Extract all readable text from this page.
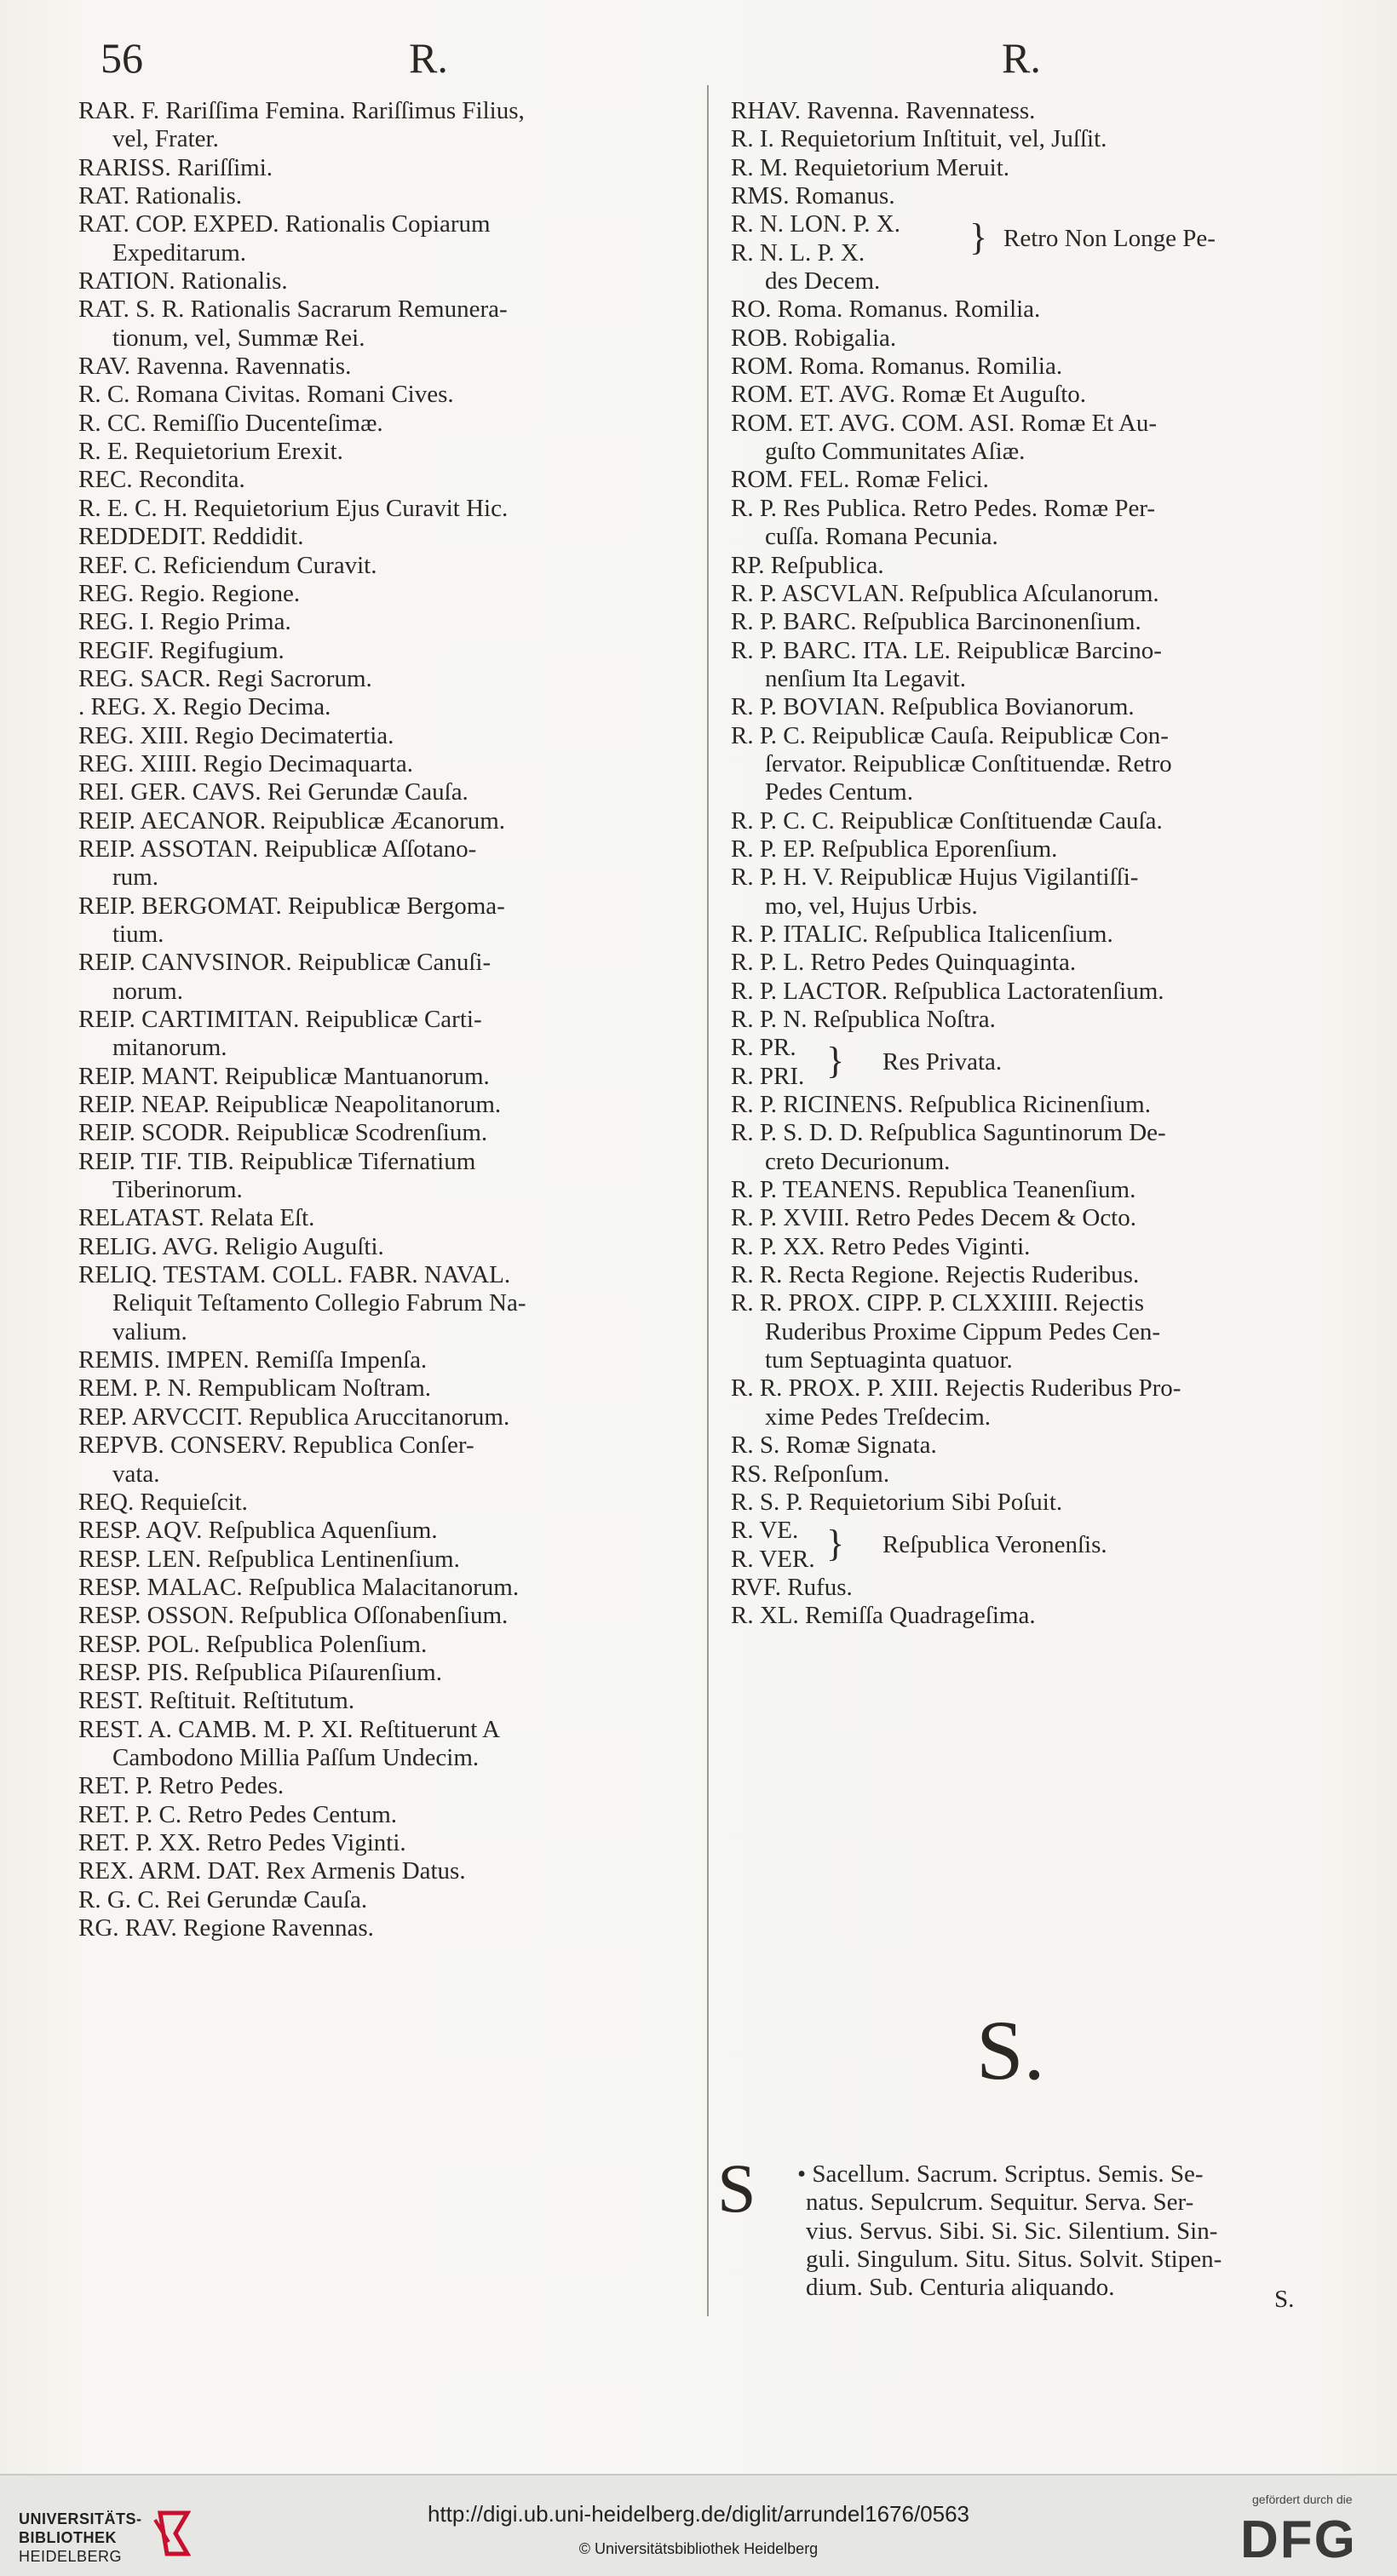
56	R.	R.
RAR. F. Rariſſima Femina. Rariſſimus Filius,
vel, Frater.
RARISS. Rariſſimi.
RAT. Rationalis.
RAT. COP. EXPED. Rationalis Copiarum
Expeditarum.
RATION. Rationalis.
RAT. S. R. Rationalis Sacrarum Remunera-
tionum, vel, Summæ Rei.
RAV. Ravenna. Ravennatis.
R. C. Romana Civitas. Romani Cives.
R. CC. Remiſſio Ducenteſimæ.
R. E. Requietorium Erexit.
REC. Recondita.
R. E. C. H. Requietorium Ejus Curavit Hic.
REDDEDIT. Reddidit.
REF. C. Reficiendum Curavit.
REG. Regio. Regione.
REG. I. Regio Prima.
REGIF. Regifugium.
REG. SACR. Regi Sacrorum.
. REG. X. Regio Decima.
REG. XIII. Regio Decimatertia.
REG. XIIII. Regio Decimaquarta.
REI. GER. CAVS. Rei Gerundæ Cauſa.
REIP. AECANOR. Reipublicæ Æcanorum.
REIP. ASSOTAN. Reipublicæ Aſſotano-
rum.
REIP. BERGOMAT. Reipublicæ Bergoma-
tium.
REIP. CANVSINOR. Reipublicæ Canuſi-
norum.
REIP. CARTIMITAN. Reipublicæ Carti-
mitanorum.
REIP. MANT. Reipublicæ Mantuanorum.
REIP. NEAP. Reipublicæ Neapolitanorum.
REIP. SCODR. Reipublicæ Scodrenſium.
REIP. TIF. TIB. Reipublicæ Tifernatium
Tiberinorum.
RELATAST. Relata Eſt.
RELIG. AVG. Religio Auguſti.
RELIQ. TESTAM. COLL. FABR. NAVAL.
Reliquit Teſtamento Collegio Fabrum Na-
valium.
REMIS. IMPEN. Remiſſa Impenſa.
REM. P. N. Rempublicam Noſtram.
REP. ARVCCIT. Republica Aruccitanorum.
REPVB. CONSERV. Republica Conſer-
vata.
REQ. Requieſcit.
RESP. AQV. Reſpublica Aquenſium.
RESP. LEN. Reſpublica Lentinenſium.
RESP. MALAC. Reſpublica Malacitanorum.
RESP. OSSON. Reſpublica Oſſonabenſium.
RESP. POL. Reſpublica Polenſium.
RESP. PIS. Reſpublica Piſaurenſium.
REST. Reſtituit. Reſtitutum.
REST. A. CAMB. M. P. XI. Reſtituerunt A
Cambodono Millia Paſſum Undecim.
RET. P. Retro Pedes.
RET. P. C. Retro Pedes Centum.
RET. P. XX. Retro Pedes Viginti.
REX. ARM. DAT. Rex Armenis Datus.
R. G. C. Rei Gerundæ Cauſa.
RG. RAV. Regione Ravennas.
RHAV. Ravenna. Ravennatess.
R. I. Requietorium Inſtituit, vel, Juſſit.
R. M. Requietorium Meruit.
RMS. Romanus.
R. N. LON. P. X.
R. N. L. P. X.	} Retro Non Longe Pe-
des Decem.
RO. Roma. Romanus. Romilia.
ROB. Robigalia.
ROM. Roma. Romanus. Romilia.
ROM. ET. AVG. Romæ Et Auguſto.
ROM. ET. AVG. COM. ASI. Romæ Et Au-
guſto Communitates Aſiæ.
ROM. FEL. Romæ Felici.
R. P. Res Publica. Retro Pedes. Romæ Per-
cuſſa. Romana Pecunia.
RP. Reſpublica.
R. P. ASCVLAN. Reſpublica Aſculanorum.
R. P. BARC. Reſpublica Barcinonenſium.
R. P. BARC. ITA. LE. Reipublicæ Barcino-
nenſium Ita Legavit.
R. P. BOVIAN. Reſpublica Bovianorum.
R. P. C. Reipublicæ Cauſa. Reipublicæ Con-
ſervator. Reipublicæ Conſtituendæ. Retro
Pedes Centum.
R. P. C. C. Reipublicæ Conſtituendæ Cauſa.
R. P. EP. Reſpublica Eporenſium.
R. P. H. V. Reipublicæ Hujus Vigilantiſſi-
mo, vel, Hujus Urbis.
R. P. ITALIC. Reſpublica Italicenſium.
R. P. L. Retro Pedes Quinquaginta.
R. P. LACTOR. Reſpublica Lactoratenſium.
R. P. N. Reſpublica Noſtra.
R. PR.
R. PRI. } Res Privata.
R. P. RICINENS. Reſpublica Ricinenſium.
R. P. S. D. D. Reſpublica Saguntinorum De-
creto Decurionum.
R. P. TEANENS. Republica Teanenſium.
R. P. XVIII. Retro Pedes Decem & Octo.
R. P. XX. Retro Pedes Viginti.
R. R. Recta Regione. Rejectis Ruderibus.
R. R. PROX. CIPP. P. CLXXIIII. Rejectis
Ruderibus Proxime Cippum Pedes Cen-
tum Septuaginta quatuor.
R. R. PROX. P. XIII. Rejectis Ruderibus Pro-
xime Pedes Treſdecim.
R. S. Romæ Signata.
RS. Reſponſum.
R. S. P. Requietorium Sibi Poſuit.
R. VE.
R. VER. } Reſpublica Veronenſis.
RVF. Rufus.
R. XL. Remiſſa Quadrageſima.
S.
S • Sacellum. Sacrum. Scriptus. Semis. Se-
natus. Sepulcrum. Sequitur. Serva. Ser-
vius. Servus. Sibi. Si. Sic. Silentium. Sin-
guli. Singulum. Situ. Situs. Solvit. Stipen-
dium. Sub. Centuria aliquando.	S.
UNIVERSITÄTS-
BIBLIOTHEK
HEIDELBERG
http://digi.ub.uni-heidelberg.de/diglit/arrundel1676/0563
© Universitätsbibliothek Heidelberg
gefördert durch die
DFG
